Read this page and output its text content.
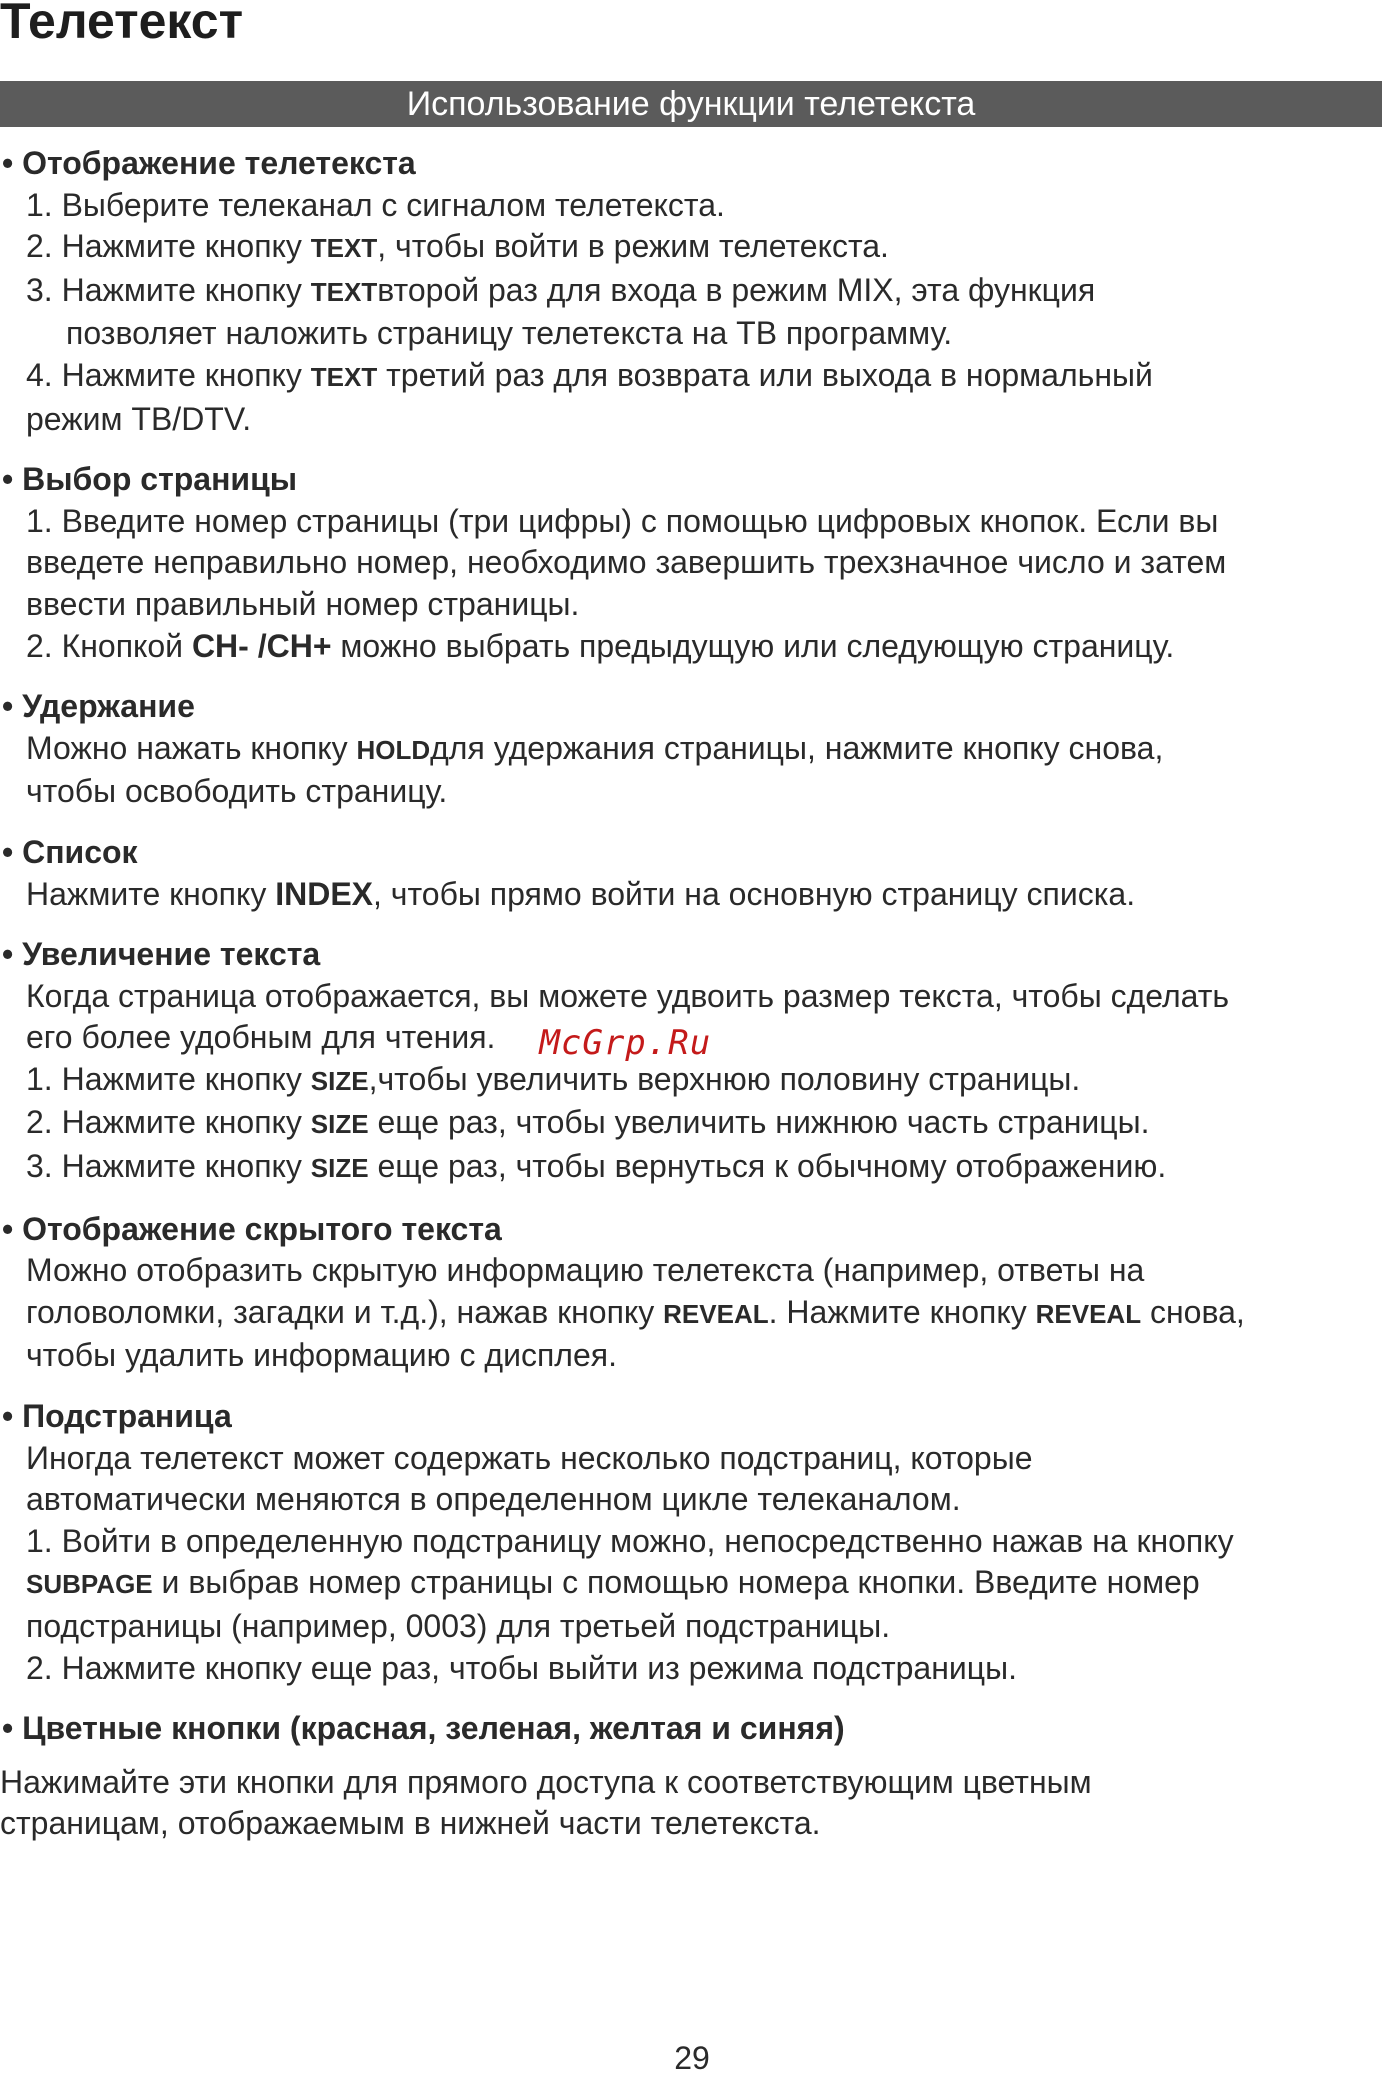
Телетекст
Использование функции телетекста
• Отображение телетекста
1. Выберите телеканал с сигналом телетекста.
2. Нажмите кнопку TEXT, чтобы войти в режим телетекста.
3. Нажмите кнопку TEXTвторой раз для входа в режим MIX, эта функция
позволяет наложить страницу телетекста на ТВ программу.
4. Нажмите кнопку TEXT третий раз для возврата или выхода в нормальный
режим ТВ/DTV.
• Выбор страницы
1. Введите номер страницы (три цифры) с помощью цифровых кнопок. Если вы
введете неправильно номер, необходимо завершить трехзначное число и затем
ввести правильный номер страницы.
2. Кнопкой CH- /CH+ можно выбрать предыдущую или следующую страницу.
• Удержание
Можно нажать кнопку HOLDдля удержания страницы, нажмите кнопку снова,
чтобы освободить страницу.
• Список
Нажмите кнопку INDEX, чтобы прямо войти на основную страницу списка.
• Увеличение текста
Когда страница отображается, вы можете удвоить размер текста, чтобы сделать
его более удобным для чтения. McGrp.Ru
1. Нажмите кнопку SIZE,чтобы увеличить верхнюю половину страницы.
2. Нажмите кнопку SIZE еще раз, чтобы увеличить нижнюю часть страницы.
3. Нажмите кнопку SIZE еще раз, чтобы вернуться к обычному отображению.
• Отображение скрытого текста
Можно отобразить скрытую информацию телетекста (например, ответы на
головоломки, загадки и т.д.), нажав кнопку REVEAL. Нажмите кнопку REVEAL снова,
чтобы удалить информацию с дисплея.
• Подстраница
Иногда телетекст может содержать несколько подстраниц, которые
автоматически меняются в определенном цикле телеканалом.
1. Войти в определенную подстраницу можно, непосредственно нажав на кнопку
SUBPAGE и выбрав номер страницы с помощью номера кнопки. Введите номер
подстраницы (например, 0003) для третьей подстраницы.
2. Нажмите кнопку еще раз, чтобы выйти из режима подстраницы.
• Цветные кнопки (красная, зеленая, желтая и синяя)
Нажимайте эти кнопки для прямого доступа к соответствующим цветным
страницам, отображаемым в нижней части телетекста.
29
